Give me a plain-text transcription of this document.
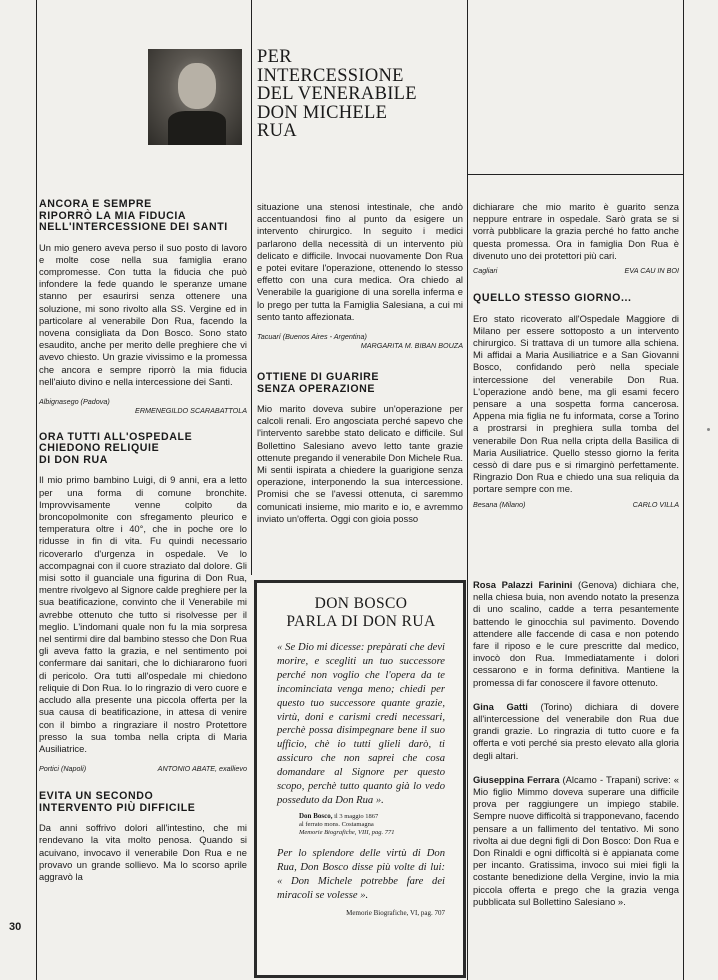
PER
INTERCESSIONE
DEL VENERABILE
DON MICHELE
RUA
ANCORA E SEMPRE
RIPORRÒ LA MIA FIDUCIA
NELL'INTERCESSIONE DEI SANTI

Un mio genero aveva perso il suo posto di lavoro e molte cose nella sua famiglia erano compromesse. Con tutta la fiducia che può infondere la fede quando le speranze umane stanno per esaurirsi senza ottenere una soluzione, mi sono rivolto alla SS. Vergine ed in particolare al venerabile Don Rua, facendo la novena consigliata da Don Bosco. Sono stato esaudito, anche per merito delle preghiere che vi avevo chiesto. Un grazie vivissimo e la promessa che ancora e sempre riporrò la mia fiducia nell'aiuto divino e nella intercessione dei Santi.

Albignasego (Padova)
ERMENEGILDO SCARABATTOLA
ORA TUTTI ALL'OSPEDALE
CHIEDONO RELIQUIE
DI DON RUA

Il mio primo bambino Luigi, di 9 anni, era a letto per una forma di comune bronchite. Improvvisamente venne colpito da broncopolmonite con sfregamento pleurico e temperatura oltre i 40°, che in poche ore lo ridusse in fin di vita. Fu quindi necessario ricoverarlo d'urgenza in ospedale. Ve lo accompagnai con il cuore straziato dal dolore. Gli misi sotto il guanciale una figurina di Don Rua, mentre rivolgevo al Signore calde preghiere per la sua beatificazione, convinto che il Venerabile mi avrebbe ottenuto che tutto si risolvesse per il meglio. L'indomani quale non fu la mia sorpresa nel sentirmi dire dal bambino stesso che Don Rua gli aveva fatto la grazia, e nel sentimento poi confermare dai sanitari, che lo dichiararono fuori di pericolo. Ora tutti all'ospedale mi chiedono reliquie di Don Rua. Io lo ringrazio di vero cuore e accludo alla presente una piccola offerta per la sua causa di beatificazione, in attesa di venire con il bimbo a ringraziare il nostro Protettore presso la sua tomba nella cripta di Maria Ausiliatrice.

Portici (Napoli)	ANTONIO ABATE, exallievo
EVITA UN SECONDO
INTERVENTO PIÙ DIFFICILE

Da anni soffrivo dolori all'intestino, che mi rendevano la vita molto penosa. Quando si acuivano, invocavo il venerabile Don Rua e ne provavo un grande sollievo. Ma lo scorso aprile aggravò la

situazione una stenosi intestinale, che andò accentuandosi fino al punto da esigere un intervento chirurgico. In seguito i medici parlarono della necessità di un intervento più delicato e difficile. Invocai nuovamente Don Rua e potei evitare l'operazione, ottenendo lo stesso effetto con una cura medica. Ora chiedo al Venerabile la guarigione di una sorella inferma e lo prego per tutta la Famiglia Salesiana, a cui mi sento tanto affezionata.

Tacuarí (Buenos Aires - Argentina)
MARGARITA M. BIBAN BOUZA
OTTIENE DI GUARIRE
SENZA OPERAZIONE

Mio marito doveva subire un'operazione per calcoli renali. Ero angosciata perché sapevo che l'intervento sarebbe stato delicato e difficile. Sul Bollettino Salesiano avevo letto tante grazie ottenute pregando il venerabile Don Michele Rua. Mi sentii ispirata a chiedere la guarigione senza operazione, interponendo la sua intercessione. Promisi che se l'avessi ottenuta, ci saremmo comunicati insieme, mio marito e io, e avremmo inviato un'offerta. Oggi con gioia posso

DON BOSCO
PARLA DI DON RUA

« Se Dio mi dicesse: prepàrati che devi morire, e scegliti un tuo successore perché non voglio che l'opera da te incominciata venga meno; chiedi per questo tuo successore quante grazie, virtù, doni e carismi credi necessari, perchè possa disimpegnare bene il suo ufficio, chè io tutti glieli darò, ti assicuro che non saprei che cosa domandare al Signore per questo scopo, perchè tutto quanto già lo vedo posseduto da Don Rua ».

Don Bosco, il 3 maggio 1867
al ferrato mons. Costamagna
Memorie Biografiche, VIII, pag. 771

Per lo splendore delle virtù di Don Rua, Don Bosco disse più volte di lui: « Don Michele potrebbe fare dei miracoli se volesse ».

Memorie Biografiche, VI, pag. 707

dichiarare che mio marito è guarito senza neppure entrare in ospedale. Sarò grata se si vorrà pubblicare la grazia perché ho fatto anche questa promessa. Ora in famiglia Don Rua è divenuto uno dei protettori più cari.

Cagliari	EVA CAU IN BOI
QUELLO STESSO GIORNO...

Ero stato ricoverato all'Ospedale Maggiore di Milano per essere sottoposto a un intervento chirurgico. Si trattava di un tumore alla schiena. Mi affidai a Maria Ausiliatrice e a San Giovanni Bosco, confidando però nella speciale intercessione del venerabile Don Rua. L'operazione andò bene, ma gli esami fecero pensare a una sospetta forma cancerosa. Appena mia figlia ne fu informata, corse a Torino a prostrarsi in preghiera sulla tomba del venerabile Don Rua nella cripta della Basilica di Maria Ausiliatrice. Quello stesso giorno la ferita cessò di dare pus e si rimarginò perfettamente. Ringrazio Don Rua e chiedo una sua reliquia da portare sempre con me.

Besana (Milano)	CARLO VILLA

Rosa Palazzi Farinini (Genova) dichiara che, nella chiesa buia, non avendo notato la presenza di uno scalino, cadde a terra pesantemente battendo le ginocchia sul pavimento. Dovendo attendere alle faccende di casa e non potendo fare il riposo e le cure prescritte dal medico, invocò don Rua. Immediatamente i dolori cessarono e in forma definitiva. Mantiene la promessa di far conoscere il favore ottenuto.

Gina Gatti (Torino) dichiara di dovere all'intercessione del venerabile don Rua due grandi grazie. Lo ringrazia di tutto cuore e fa offerta e voti perché sia presto elevato alla gloria degli altari.

Giuseppina Ferrara (Alcamo - Trapani) scrive: « Mio figlio Mimmo doveva superare una difficile prova per raggiungere un impiego stabile. Sempre nuove difficoltà si trapponevano, facendo pensare a un fallimento del tentativo. Mi sono rivolta ai due degni figli di Don Bosco: Don Rua e Don Rinaldi e ogni difficoltà si è appianata come per incanto. Gratissima, invoco sui miei figli la costante benedizione della Vergine, invio la mia piccola offerta e prego che la grazia venga pubblicata sul Bollettino Salesiano ».

30
